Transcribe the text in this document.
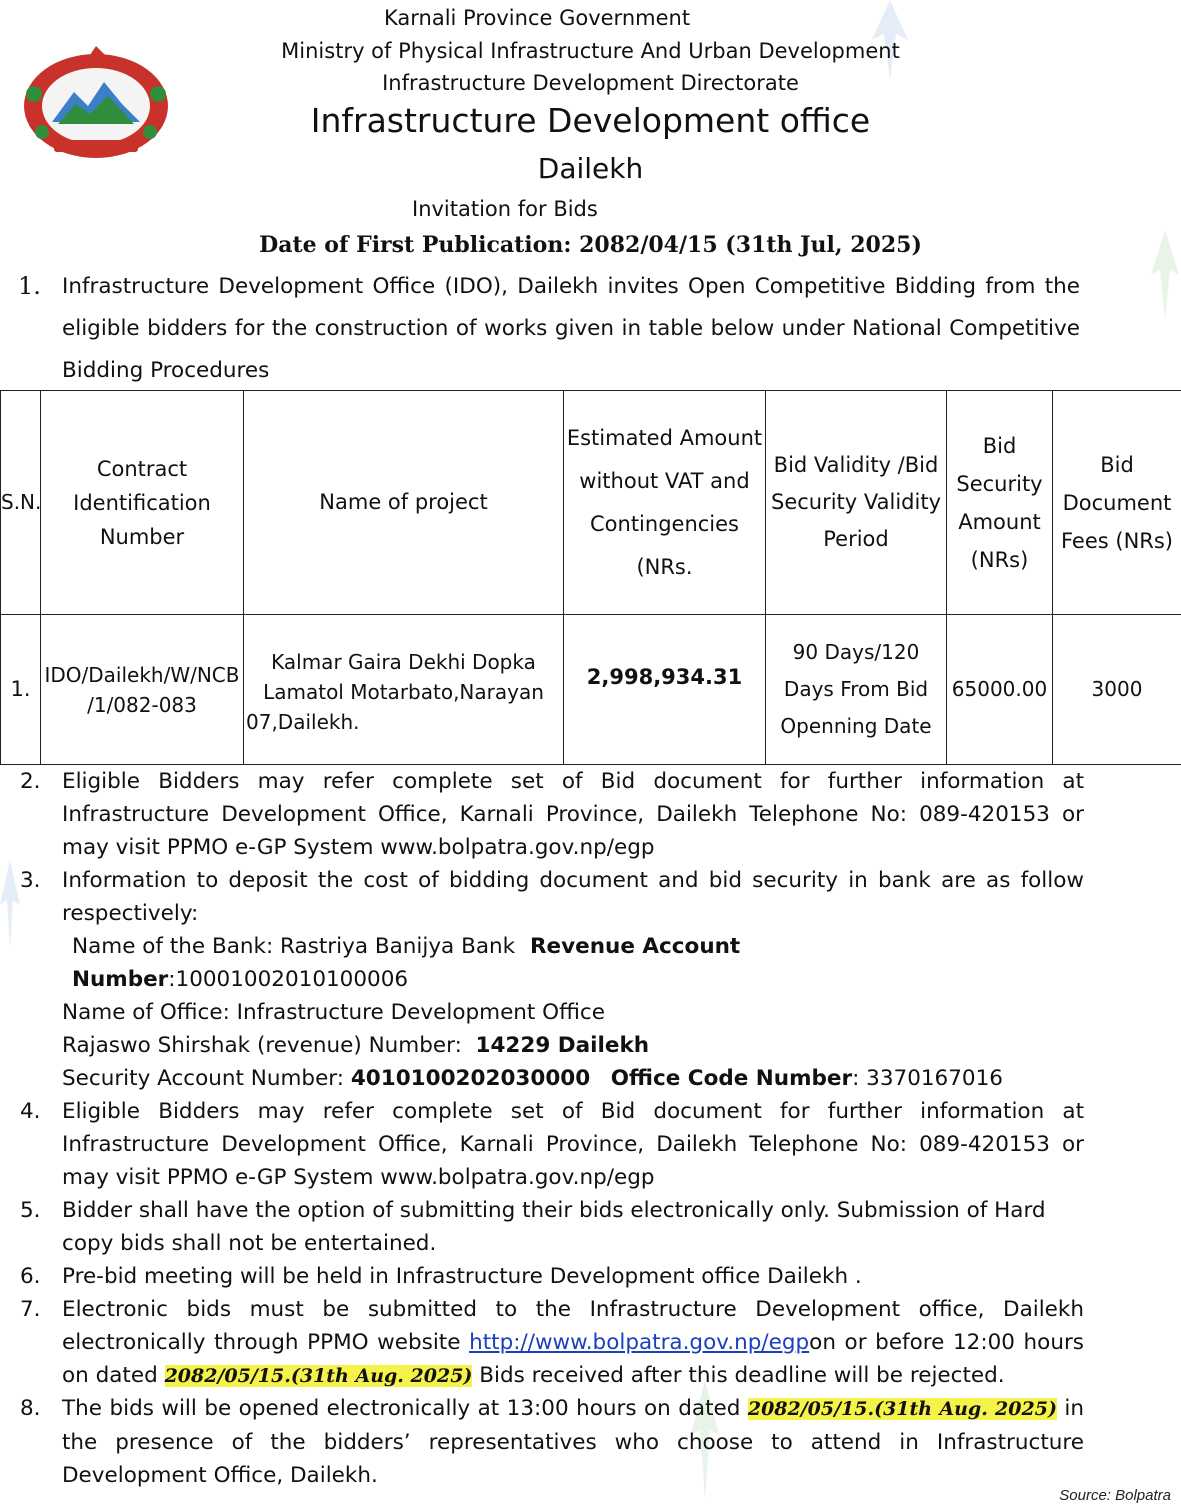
​
Karnali Province Government
Ministry of Physical Infrastructure And Urban Development
Infrastructure Development Directorate
Infrastructure Development office
Dailekh
Invitation for Bids
Date of First Publication: 2082/04/15 (31th Jul, 2025)
1. Infrastructure Development Office (IDO), Dailekh invites Open Competitive Bidding from the eligible bidders for the construction of works given in table below under National Competitive Bidding Procedures
S.N.	Contract Identification Number	Name of project	Estimated Amount without VAT and Contingencies (NRs.	Bid Validity /Bid Security Validity Period	Bid Security Amount (NRs)	Bid Document Fees (NRs)
1.	IDO/Dailekh/W/NCB /1/082-083	Kalmar Gaira Dekhi Dopka Lamatol Motarbato,Narayan 07,Dailekh.	2,998,934.31	90 Days/120 Days From Bid Openning Date	65000.00	3000
2. Eligible Bidders may refer complete set of Bid document for further information at Infrastructure Development Office, Karnali Province, Dailekh Telephone No: 089-420153 or may visit PPMO e-GP System www.bolpatra.gov.np/egp
3. Information to deposit the cost of bidding document and bid security in bank are as follow respectively:
Name of the Bank: Rastriya Banijya Bank Revenue Account
Number:10001002010100006
Name of Office: Infrastructure Development Office
Rajaswo Shirshak (revenue) Number: 14229 Dailekh
Security Account Number: 4010100202030000 Office Code Number: 3370167016
4. Eligible Bidders may refer complete set of Bid document for further information at Infrastructure Development Office, Karnali Province, Dailekh Telephone No: 089-420153 or may visit PPMO e-GP System www.bolpatra.gov.np/egp
5. Bidder shall have the option of submitting their bids electronically only. Submission of Hard copy bids shall not be entertained.
6. Pre-bid meeting will be held in Infrastructure Development office Dailekh .
7. Electronic bids must be submitted to the Infrastructure Development office, Dailekh electronically through PPMO website http://www.bolpatra.gov.np/egpon or before 12:00 hours on dated 2082/05/15.(31th Aug. 2025) Bids received after this deadline will be rejected.
8. The bids will be opened electronically at 13:00 hours on dated 2082/05/15.(31th Aug. 2025) in the presence of the bidders’ representatives who choose to attend in Infrastructure Development Office, Dailekh.
Source: Bolpatra
